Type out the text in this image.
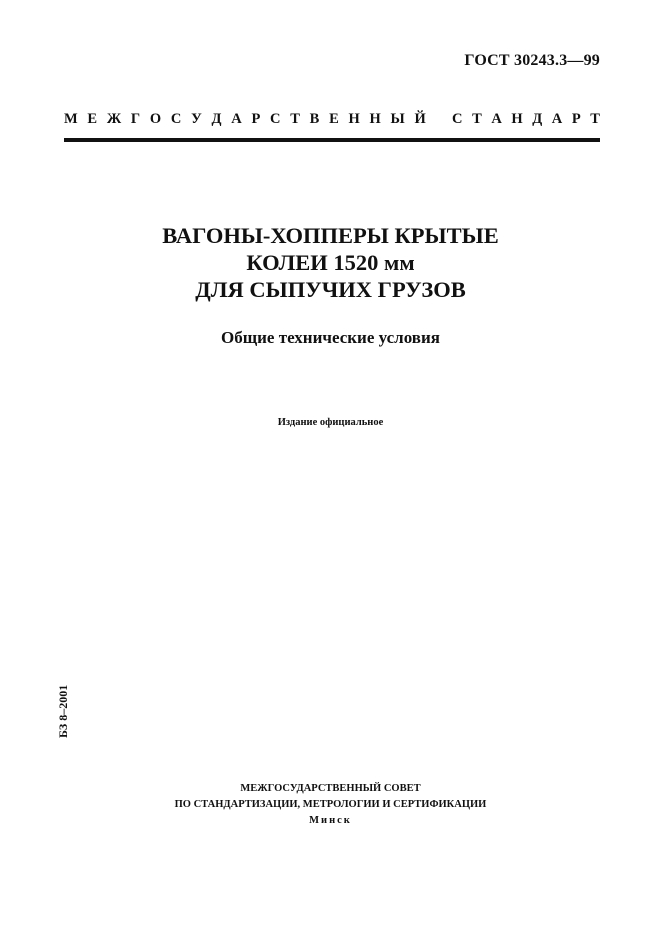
ГОСТ 30243.3—99

М Е Ж Г О С У Д А Р С Т В Е Н Н Ы Й С Т А Н Д А Р Т

ВАГОНЫ-ХОППЕРЫ КРЫТЫЕ
КОЛЕИ 1520 мм
ДЛЯ СЫПУЧИХ ГРУЗОВ

Общие технические условия

Издание официальное

БЗ 8–2001

МЕЖГОСУДАРСТВЕННЫЙ СОВЕТ
ПО СТАНДАРТИЗАЦИИ, МЕТРОЛОГИИ И СЕРТИФИКАЦИИ
Минск
